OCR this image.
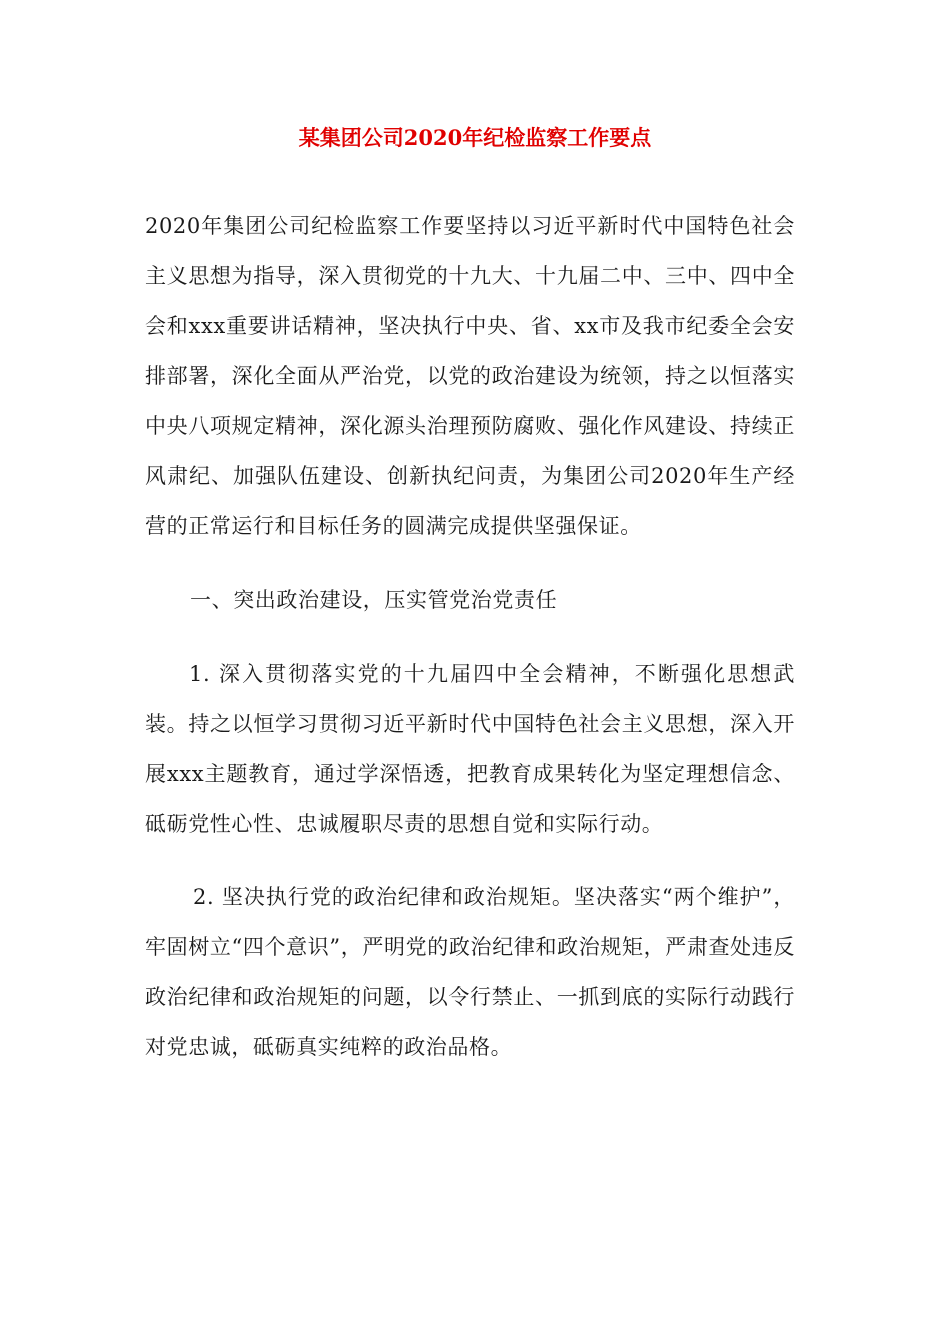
某集团公司2020年纪检监察工作要点

2020年集团公司纪检监察工作要坚持以习近平新时代中国特色社会主义思想为指导，深入贯彻党的十九大、十九届二中、三中、四中全会和xxx重要讲话精神，坚决执行中央、省、xx市及我市纪委全会安排部署，深化全面从严治党，以党的政治建设为统领，持之以恒落实中央八项规定精神，深化源头治理预防腐败、强化作风建设、持续正风肃纪、加强队伍建设、创新执纪问责，为集团公司2020年生产经营的正常运行和目标任务的圆满完成提供坚强保证。

一、突出政治建设，压实管党治党责任

1. 深入贯彻落实党的十九届四中全会精神，不断强化思想武装。持之以恒学习贯彻习近平新时代中国特色社会主义思想，深入开展xxx主题教育，通过学深悟透，把教育成果转化为坚定理想信念、砥砺党性心性、忠诚履职尽责的思想自觉和实际行动。

2. 坚决执行党的政治纪律和政治规矩。坚决落实“两个维护”，牢固树立“四个意识”，严明党的政治纪律和政治规矩，严肃查处违反政治纪律和政治规矩的问题，以令行禁止、一抓到底的实际行动践行对党忠诚，砥砺真实纯粹的政治品格。
